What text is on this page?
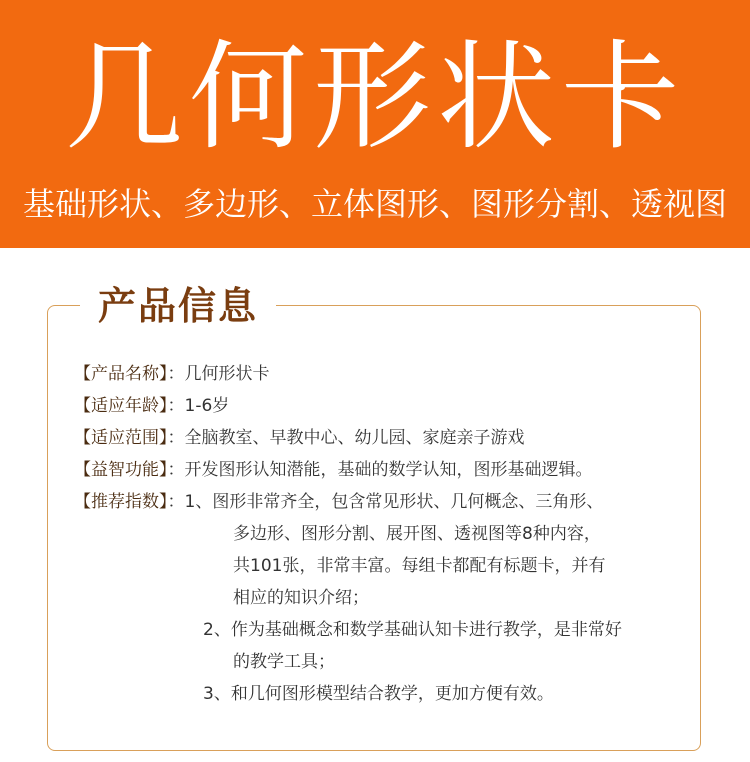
几何形状卡
基础形状、多边形、立体图形、图形分割、透视图
产品信息
【产品名称】：几何形状卡
【适应年龄】：1-6岁
【适应范围】：全脑教室、早教中心、幼儿园、家庭亲子游戏
【益智功能】：开发图形认知潜能，基础的数学认知，图形基础逻辑。
【推荐指数】：1、图形非常齐全，包含常见形状、几何概念、三角形、
多边形、图形分割、展开图、透视图等8种内容，
共101张，非常丰富。每组卡都配有标题卡，并有
相应的知识介绍；
2、作为基础概念和数学基础认知卡进行教学，是非常好
的教学工具；
3、和几何图形模型结合教学，更加方便有效。
